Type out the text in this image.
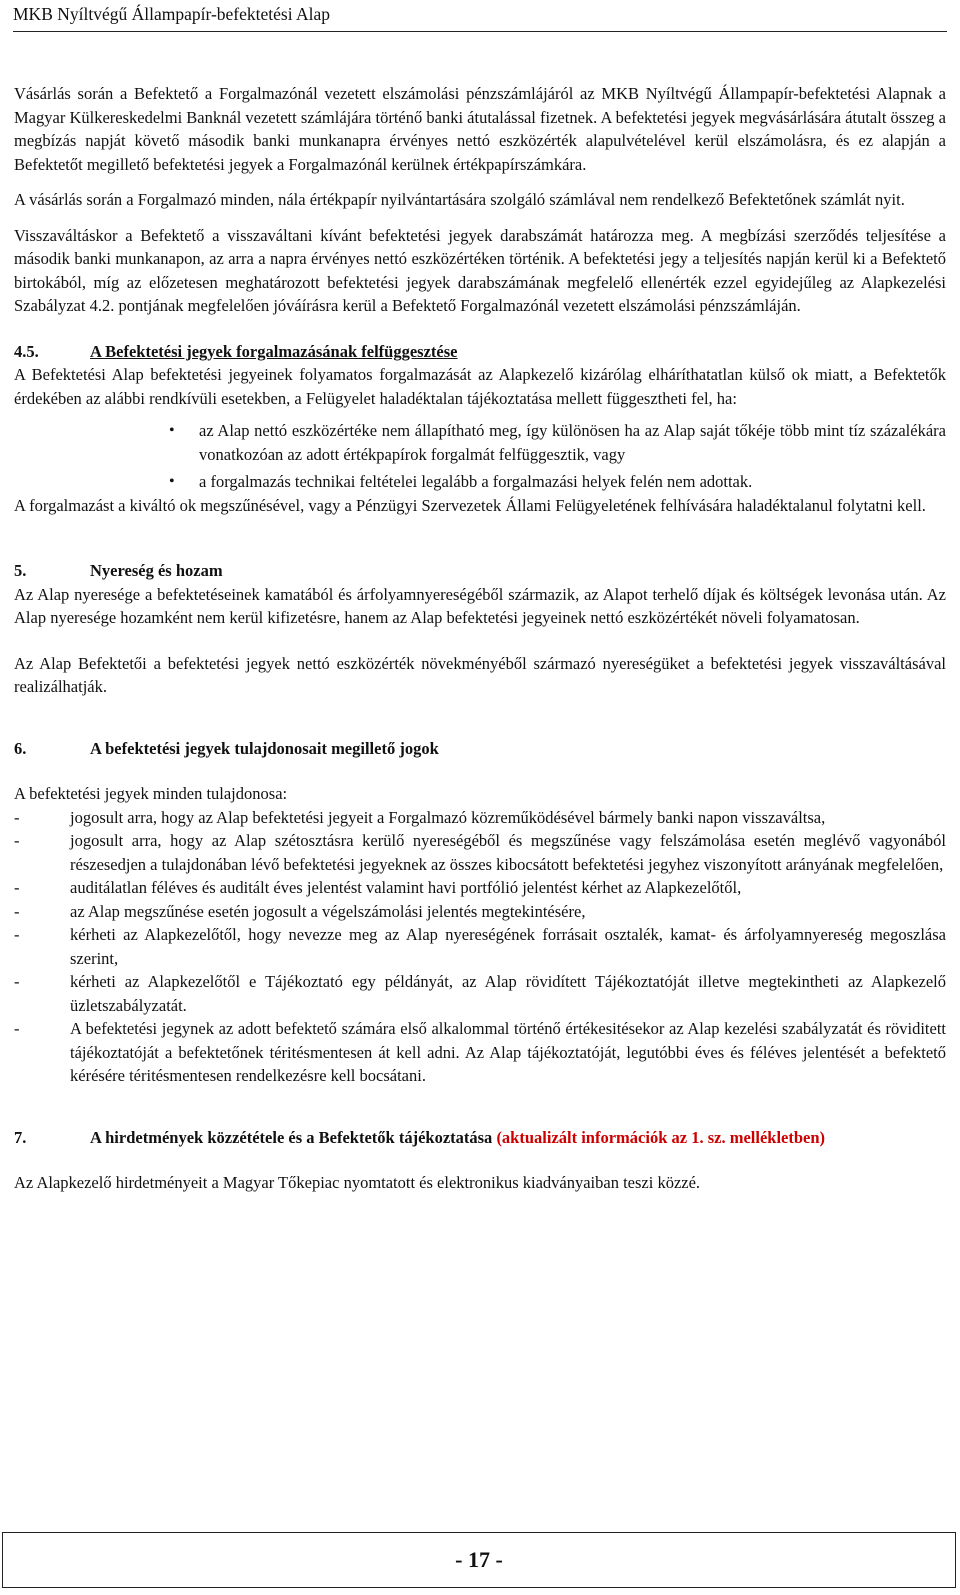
MKB Nyíltvégű Állampapír-befektetési Alap

Vásárlás során a Befektető a Forgalmazónál vezetett elszámolási pénzszámlájáról az MKB Nyíltvégű Állampapír-befektetési Alapnak a Magyar Külkereskedelmi Banknál vezetett számlájára történő banki átutalással fizetnek. A befektetési jegyek megvásárlására átutalt összeg a megbízás napját követő második banki munkanapra érvényes nettó eszközérték alapulvételével kerül elszámolásra, és ez alapján a Befektetőt megillető befektetési jegyek a Forgalmazónál kerülnek értékpapírszámkára.

A vásárlás során a Forgalmazó minden, nála értékpapír nyilvántartására szolgáló számlával nem rendelkező Befektetőnek számlát nyit.

Visszaváltáskor a Befektető a visszaváltani kívánt befektetési jegyek darabszámát határozza meg. A megbízási szerződés teljesítése a második banki munkanapon, az arra a napra érvényes nettó eszközértéken történik. A befektetési jegy a teljesítés napján kerül ki a Befektető birtokából, míg az előzetesen meghatározott befektetési jegyek darabszámának megfelelő ellenérték ezzel egyidejűleg az Alapkezelési Szabályzat 4.2. pontjának megfelelően jóváírásra kerül a Befektető Forgalmazónál vezetett elszámolási pénzszámláján.

4.5.	A Befektetési jegyek forgalmazásának felfüggesztése

A Befektetési Alap befektetési jegyeinek folyamatos forgalmazását az Alapkezelő kizárólag elháríthatatlan külső ok miatt, a Befektetők érdekében az alábbi rendkívüli esetekben, a Felügyelet haladéktalan tájékoztatása mellett függesztheti fel, ha:

• az Alap nettó eszközértéke nem állapítható meg, így különösen ha az Alap saját tőkéje több mint tíz százalékára vonatkozóan az adott értékpapírok forgalmát felfüggesztik, vagy
• a forgalmazás technikai feltételei legalább a forgalmazási helyek felén nem adottak.

A forgalmazást a kiváltó ok megszűnésével, vagy a Pénzügyi Szervezetek Állami Felügyeletének felhívására haladéktalanul folytatni kell.

5.	Nyereség és hozam

Az Alap nyeresége a befektetéseinek kamatából és árfolyamnyereségéből származik, az Alapot terhelő díjak és költségek levonása után. Az Alap nyeresége hozamként nem kerül kifizetésre, hanem az Alap befektetési jegyeinek nettó eszközértékét növeli folyamatosan.

Az Alap Befektetői a befektetési jegyek nettó eszközérték növekményéből származó nyereségüket a befektetési jegyek visszaváltásával realizálhatják.

6.	A befektetési jegyek tulajdonosait megillető jogok

A befektetési jegyek minden tulajdonosa:

- jogosult arra, hogy az Alap befektetési jegyeit a Forgalmazó közreműködésével bármely banki napon visszaváltsa,
- jogosult arra, hogy az Alap szétosztásra kerülő nyereségéből és megszűnése vagy felszámolása esetén meglévő vagyonából részesedjen a tulajdonában lévő befektetési jegyeknek az összes kibocsátott befektetési jegyhez viszonyított arányának megfelelően,
- auditálatlan féléves és auditált éves jelentést valamint havi portfólió jelentést kérhet az Alapkezelőtől,
- az Alap megszűnése esetén jogosult a végelszámolási jelentés megtekintésére,
- kérheti az Alapkezelőtől, hogy nevezze meg az Alap nyereségének forrásait osztalék, kamat- és árfolyamnyereség megoszlása szerint,
- kérheti az Alapkezelőtől e Tájékoztató egy példányát, az Alap rövidített Tájékoztatóját illetve megtekintheti az Alapkezelő üzletszabályzatát.
- A befektetési jegynek az adott befektető számára első alkalommal történő értékesitésekor az Alap kezelési szabályzatát és röviditett tájékoztatóját a befektetőnek téritésmentesen át kell adni. Az Alap tájékoztatóját, legutóbbi éves és féléves jelentését a befektető kérésére téritésmentesen rendelkezésre kell bocsátani.
7.	A hirdetmények közzététele és a Befektetők tájékoztatása (aktualizált információk az 1. sz. mellékletben)

Az Alapkezelő hirdetményeit a Magyar Tőkepiac nyomtatott és elektronikus kiadványaiban teszi közzé.

- 17 -
